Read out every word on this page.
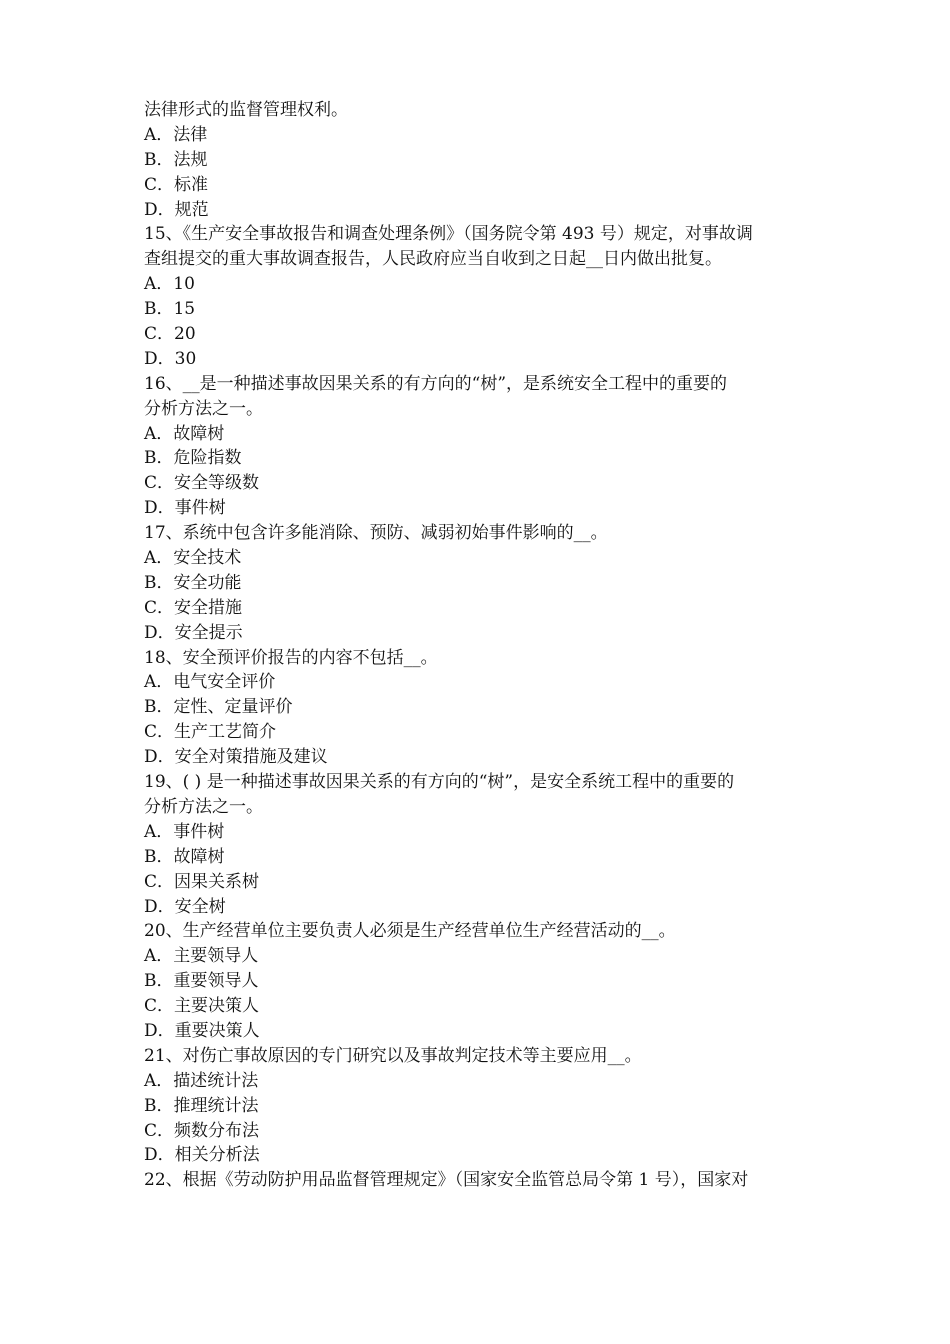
法律形式的监督管理权利。
A．法律
B．法规
C．标准
D．规范
15、《生产安全事故报告和调查处理条例》（国务院令第 493 号）规定，对事故调
查组提交的重大事故调查报告，人民政府应当自收到之日起__日内做出批复。
A．10
B．15
C．20
D．30
16、__是一种描述事故因果关系的有方向的“树”，是系统安全工程中的重要的
分析方法之一。
A．故障树
B．危险指数
C．安全等级数
D．事件树
17、系统中包含许多能消除、预防、减弱初始事件影响的__。
A．安全技术
B．安全功能
C．安全措施
D．安全提示
18、安全预评价报告的内容不包括__。
A．电气安全评价
B．定性、定量评价
C．生产工艺简介
D．安全对策措施及建议
19、( ) 是一种描述事故因果关系的有方向的“树”，是安全系统工程中的重要的
分析方法之一。
A．事件树
B．故障树
C．因果关系树
D．安全树
20、生产经营单位主要负责人必须是生产经营单位生产经营活动的__。
A．主要领导人
B．重要领导人
C．主要决策人
D．重要决策人
21、对伤亡事故原因的专门研究以及事故判定技术等主要应用__。
A．描述统计法
B．推理统计法
C．频数分布法
D．相关分析法
22、根据《劳动防护用品监督管理规定》（国家安全监管总局令第 1 号），国家对
